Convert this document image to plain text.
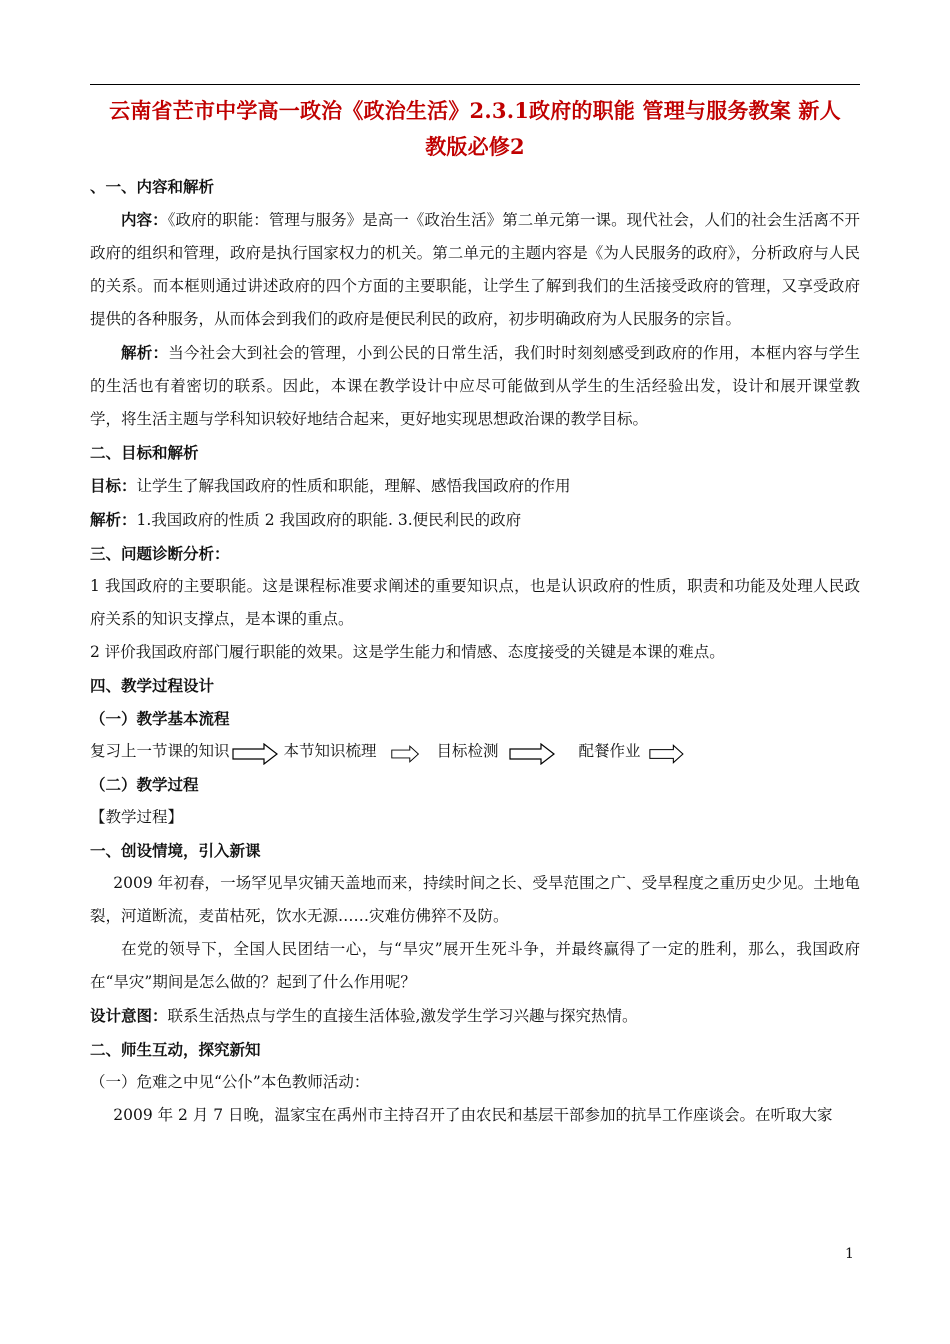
云南省芒市中学高一政治《政治生活》2.3.1政府的职能 管理与服务教案 新人
教版必修2

、一、内容和解析

内容：《政府的职能：管理与服务》是高一《政治生活》第二单元第一课。现代社会，人们的社会生活离不开政府的组织和管理，政府是执行国家权力的机关。第二单元的主题内容是《为人民服务的政府》，分析政府与人民的关系。而本框则通过讲述政府的四个方面的主要职能，让学生了解到我们的生活接受政府的管理，又享受政府提供的各种服务，从而体会到我们的政府是便民利民的政府，初步明确政府为人民服务的宗旨。

解析：当今社会大到社会的管理，小到公民的日常生活，我们时时刻刻感受到政府的作用，本框内容与学生的生活也有着密切的联系。因此，本课在教学设计中应尽可能做到从学生的生活经验出发，设计和展开课堂教学，将生活主题与学科知识较好地结合起来，更好地实现思想政治课的教学目标。

二、目标和解析

目标：让学生了解我国政府的性质和职能，理解、感悟我国政府的作用

解析：1.我国政府的性质 2 我国政府的职能. 3.便民利民的政府

三、问题诊断分析：

1 我国政府的主要职能。这是课程标准要求阐述的重要知识点，也是认识政府的性质，职责和功能及处理人民政府关系的知识支撑点，是本课的重点。

2 评价我国政府部门履行职能的效果。这是学生能力和情感、态度接受的关键是本课的难点。

四、教学过程设计

（一）教学基本流程

复习上一节课的知识	本节知识梳理	目标检测	配餐作业

（二）教学过程

【教学过程】

一、创设情境，引入新课

2009 年初春，一场罕见旱灾铺天盖地而来，持续时间之长、受旱范围之广、受旱程度之重历史少见。土地龟裂，河道断流，麦苗枯死，饮水无源……灾难仿佛猝不及防。

在党的领导下，全国人民团结一心，与“旱灾”展开生死斗争，并最终赢得了一定的胜利，那么，我国政府在“旱灾”期间是怎么做的？起到了什么作用呢？

设计意图：联系生活热点与学生的直接生活体验,激发学生学习兴趣与探究热情。

二、师生互动，探究新知

（一）危难之中见“公仆”本色教师活动：

2009 年 2 月 7 日晚，温家宝在禹州市主持召开了由农民和基层干部参加的抗旱工作座谈会。在听取大家

1
